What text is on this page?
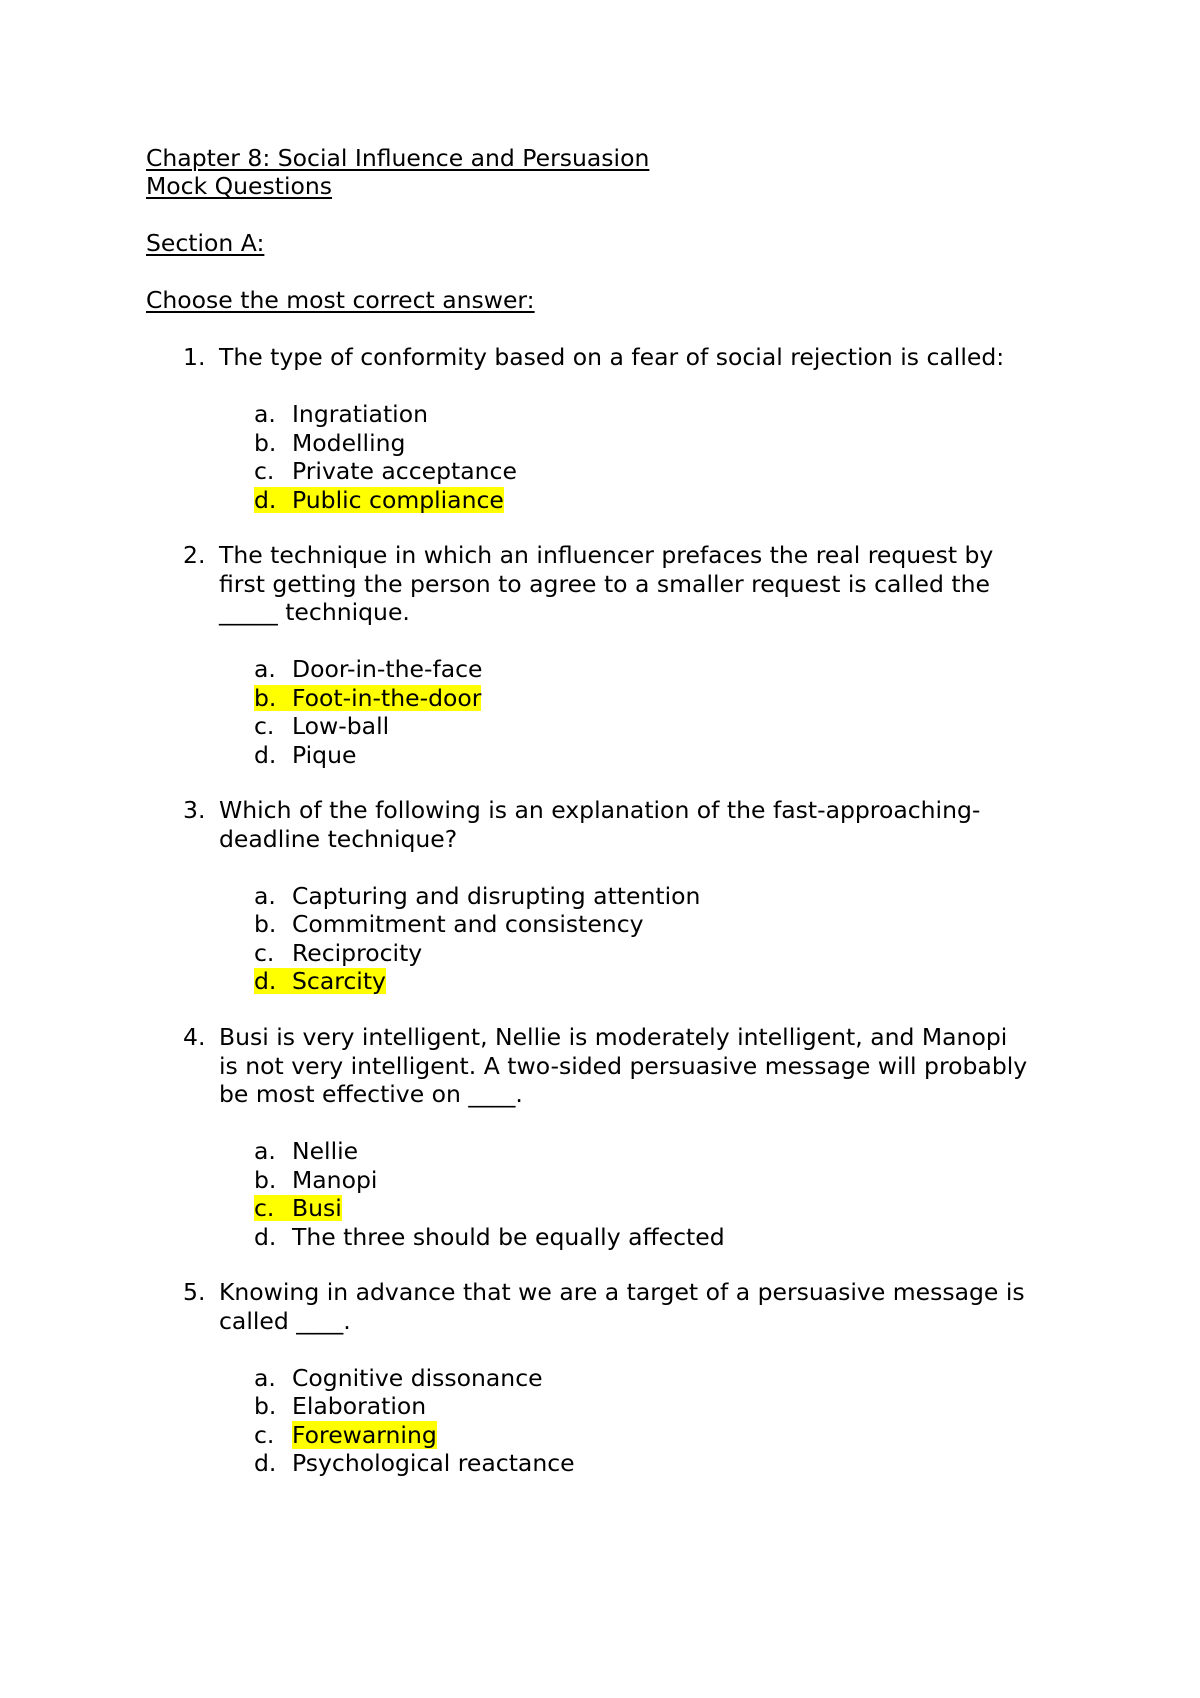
Chapter 8: Social Influence and Persuasion
Mock Questions
Section A:
Choose the most correct answer:
1. The type of conformity based on a fear of social rejection is called:
a. Ingratiation
b. Modelling
c. Private acceptance
d. Public compliance
2. The technique in which an influencer prefaces the real request by
first getting the person to agree to a smaller request is called the
_____ technique.
a. Door-in-the-face
b. Foot-in-the-door
c. Low-ball
d. Pique
3. Which of the following is an explanation of the fast-approaching-
deadline technique?
a. Capturing and disrupting attention
b. Commitment and consistency
c. Reciprocity
d. Scarcity
4. Busi is very intelligent, Nellie is moderately intelligent, and Manopi
is not very intelligent. A two-sided persuasive message will probably
be most effective on ____.
a. Nellie
b. Manopi
c. Busi
d. The three should be equally affected
5. Knowing in advance that we are a target of a persuasive message is
called ____.
a. Cognitive dissonance
b. Elaboration
c. Forewarning
d. Psychological reactance
